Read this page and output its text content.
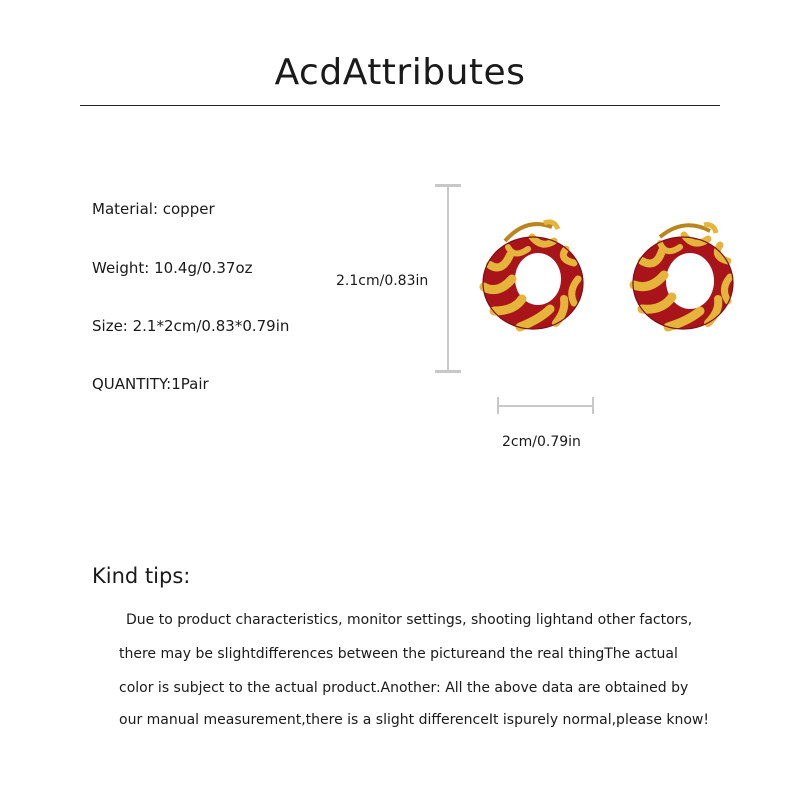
AcdAttributes
Material: copper
Weight: 10.4g/0.37oz
Size: 2.1*2cm/0.83*0.79in
QUANTITY:1Pair
2.1cm/0.83in
2cm/0.79in
Kind tips:
Due to product characteristics, monitor settings, shooting lightand other factors,
there may be slightdifferences between the pictureand the real thingThe actual
color is subject to the actual product.Another: All the above data are obtained by
our manual measurement,there is a slight differenceIt ispurely normal,please know!
